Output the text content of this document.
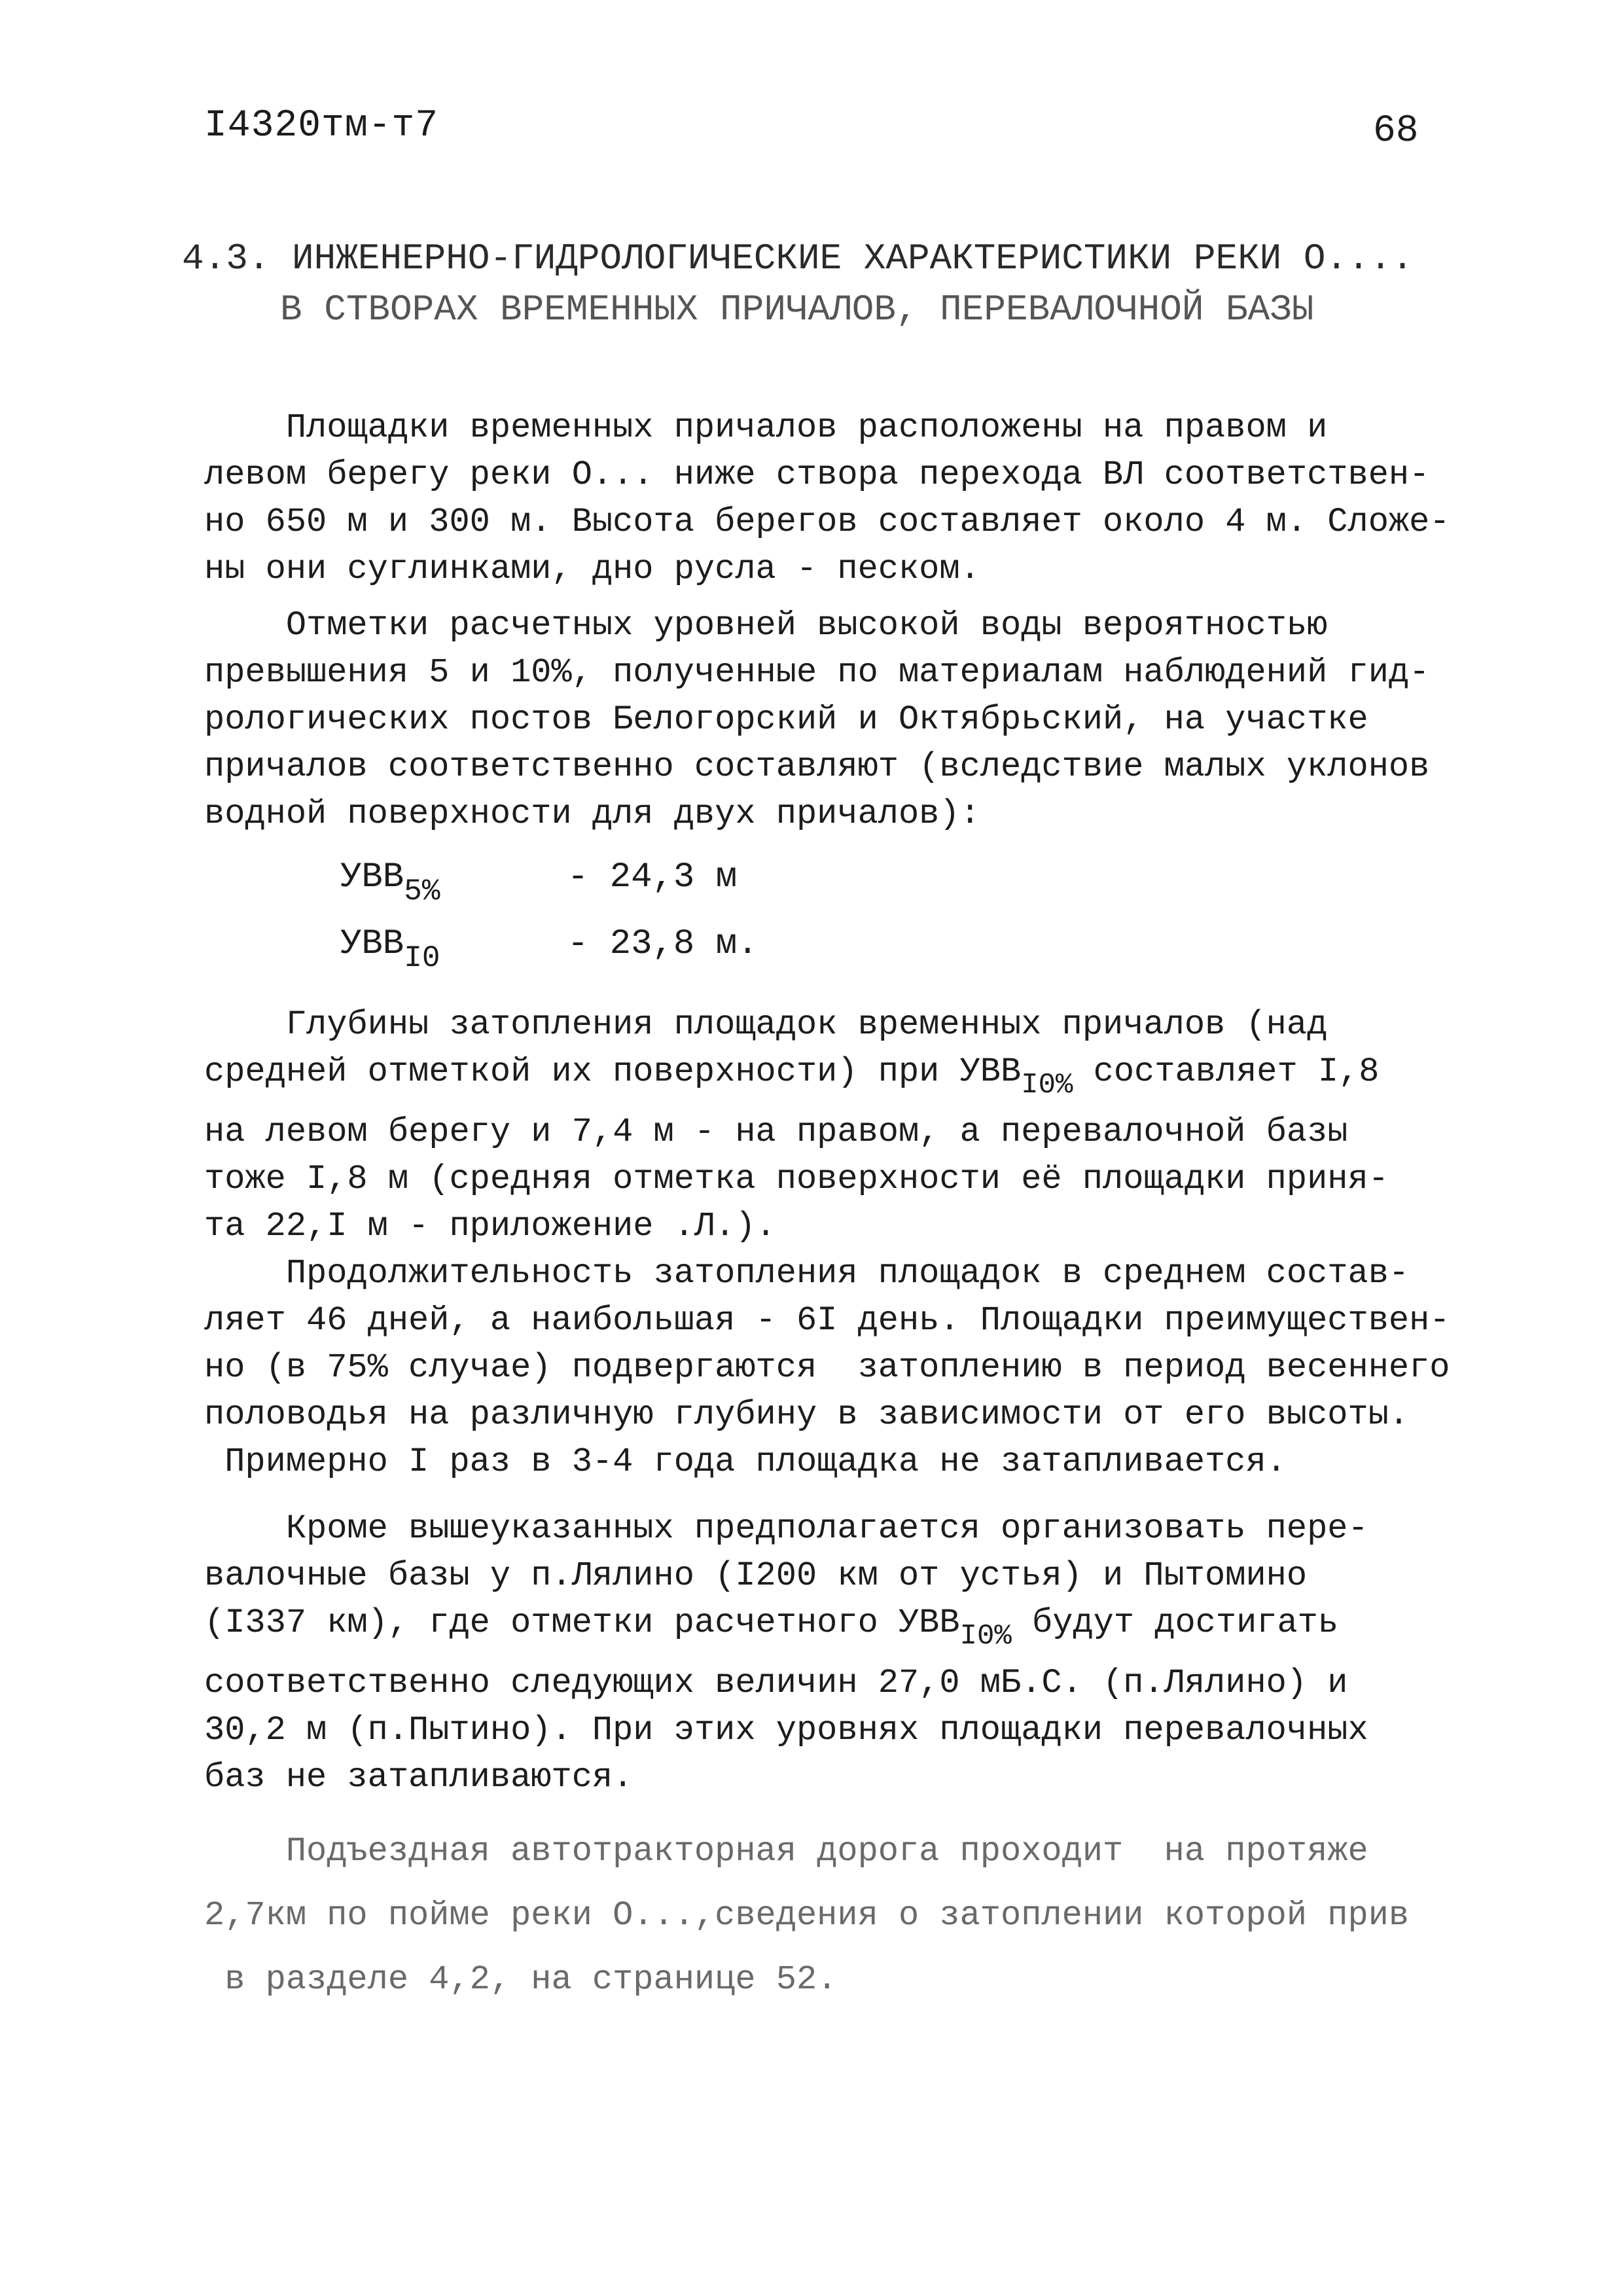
I4320тм-т7	68
4.3. ИНЖЕНЕРНО-ГИДРОЛОГИЧЕСКИЕ ХАРАКТЕРИСТИКИ РЕКИ О....
В СТВОРАХ ВРЕМЕННЫХ ПРИЧАЛОВ, ПЕРЕВАЛОЧНОЙ БАЗЫ
Площадки временных причалов расположены на правом и
левом берегу реки О... ниже створа перехода ВЛ соответствен-
но 650 м и 300 м. Высота берегов составляет около 4 м. Сложе-
ны они суглинками, дно русла - песком.
Отметки расчетных уровней высокой воды вероятностью
превышения 5 и 10%, полученные по материалам наблюдений гид-
рологических постов Белогорский и Октябрьский, на участке
причалов соответственно составляют (вследствие малых уклонов
водной поверхности для двух причалов):
$УВВ_{5\%}$	- 24,3 м
$УВВ_{I0}$	- 23,8 м.
Глубины затопления площадок временных причалов (над
средней отметкой их поверхности) при $УВВ_{I0\%}$ составляет I,8
на левом берегу и 7,4 м - на правом, а перевалочной базы
тоже I,8 м (средняя отметка поверхности её площадки приня-
та 22,I м - приложение .Л.).
Продолжительность затопления площадок в среднем состав-
ляет 46 дней, а наибольшая - 6I день. Площадки преимуществен-
но (в 75% случае) подвергаются  затоплению в период весеннего
половодья на различную глубину в зависимости от его высоты.
Примерно I раз в 3-4 года площадка не затапливается.
Кроме вышеуказанных предполагается организовать пере-
валочные базы у п.Лялино (I200 км от устья) и Пытомино
(I337 км), где отметки расчетного $УВВ_{I0\%}$ будут достигать
соответственно следующих величин 27,0 мБ.С. (п.Лялино) и
30,2 м (п.Пытино). При этих уровнях площадки перевалочных
баз не затапливаются.
Подъездная автотракторная дорога проходит  на протяже
2,7км по пойме реки О...,сведения о затоплении которой прив
в разделе 4,2, на странице 52.
